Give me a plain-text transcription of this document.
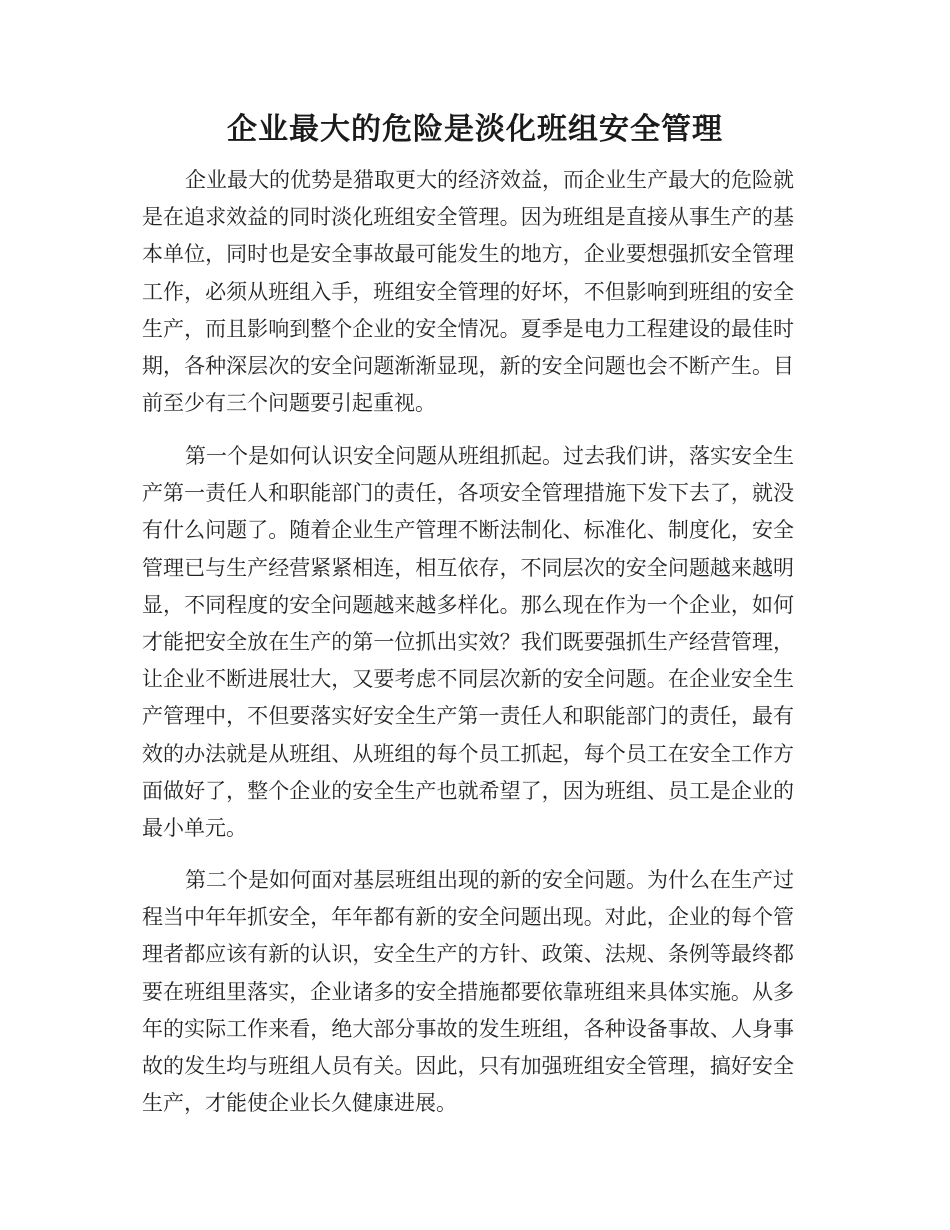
企业最大的危险是淡化班组安全管理

企业最大的优势是猎取更大的经济效益，而企业生产最大的危险就是在追求效益的同时淡化班组安全管理。因为班组是直接从事生产的基本单位，同时也是安全事故最可能发生的地方，企业要想强抓安全管理工作，必须从班组入手，班组安全管理的好坏，不但影响到班组的安全生产，而且影响到整个企业的安全情况。夏季是电力工程建设的最佳时期，各种深层次的安全问题渐渐显现，新的安全问题也会不断产生。目前至少有三个问题要引起重视。

第一个是如何认识安全问题从班组抓起。过去我们讲，落实安全生产第一责任人和职能部门的责任，各项安全管理措施下发下去了，就没有什么问题了。随着企业生产管理不断法制化、标准化、制度化，安全管理已与生产经营紧紧相连，相互依存，不同层次的安全问题越来越明显，不同程度的安全问题越来越多样化。那么现在作为一个企业，如何才能把安全放在生产的第一位抓出实效？我们既要强抓生产经营管理，让企业不断进展壮大，又要考虑不同层次新的安全问题。在企业安全生产管理中，不但要落实好安全生产第一责任人和职能部门的责任，最有效的办法就是从班组、从班组的每个员工抓起，每个员工在安全工作方面做好了，整个企业的安全生产也就希望了，因为班组、员工是企业的最小单元。

第二个是如何面对基层班组出现的新的安全问题。为什么在生产过程当中年年抓安全，年年都有新的安全问题出现。对此，企业的每个管理者都应该有新的认识，安全生产的方针、政策、法规、条例等最终都要在班组里落实，企业诸多的安全措施都要依靠班组来具体实施。从多年的实际工作来看，绝大部分事故的发生班组，各种设备事故、人身事故的发生均与班组人员有关。因此，只有加强班组安全管理，搞好安全生产，才能使企业长久健康进展。
